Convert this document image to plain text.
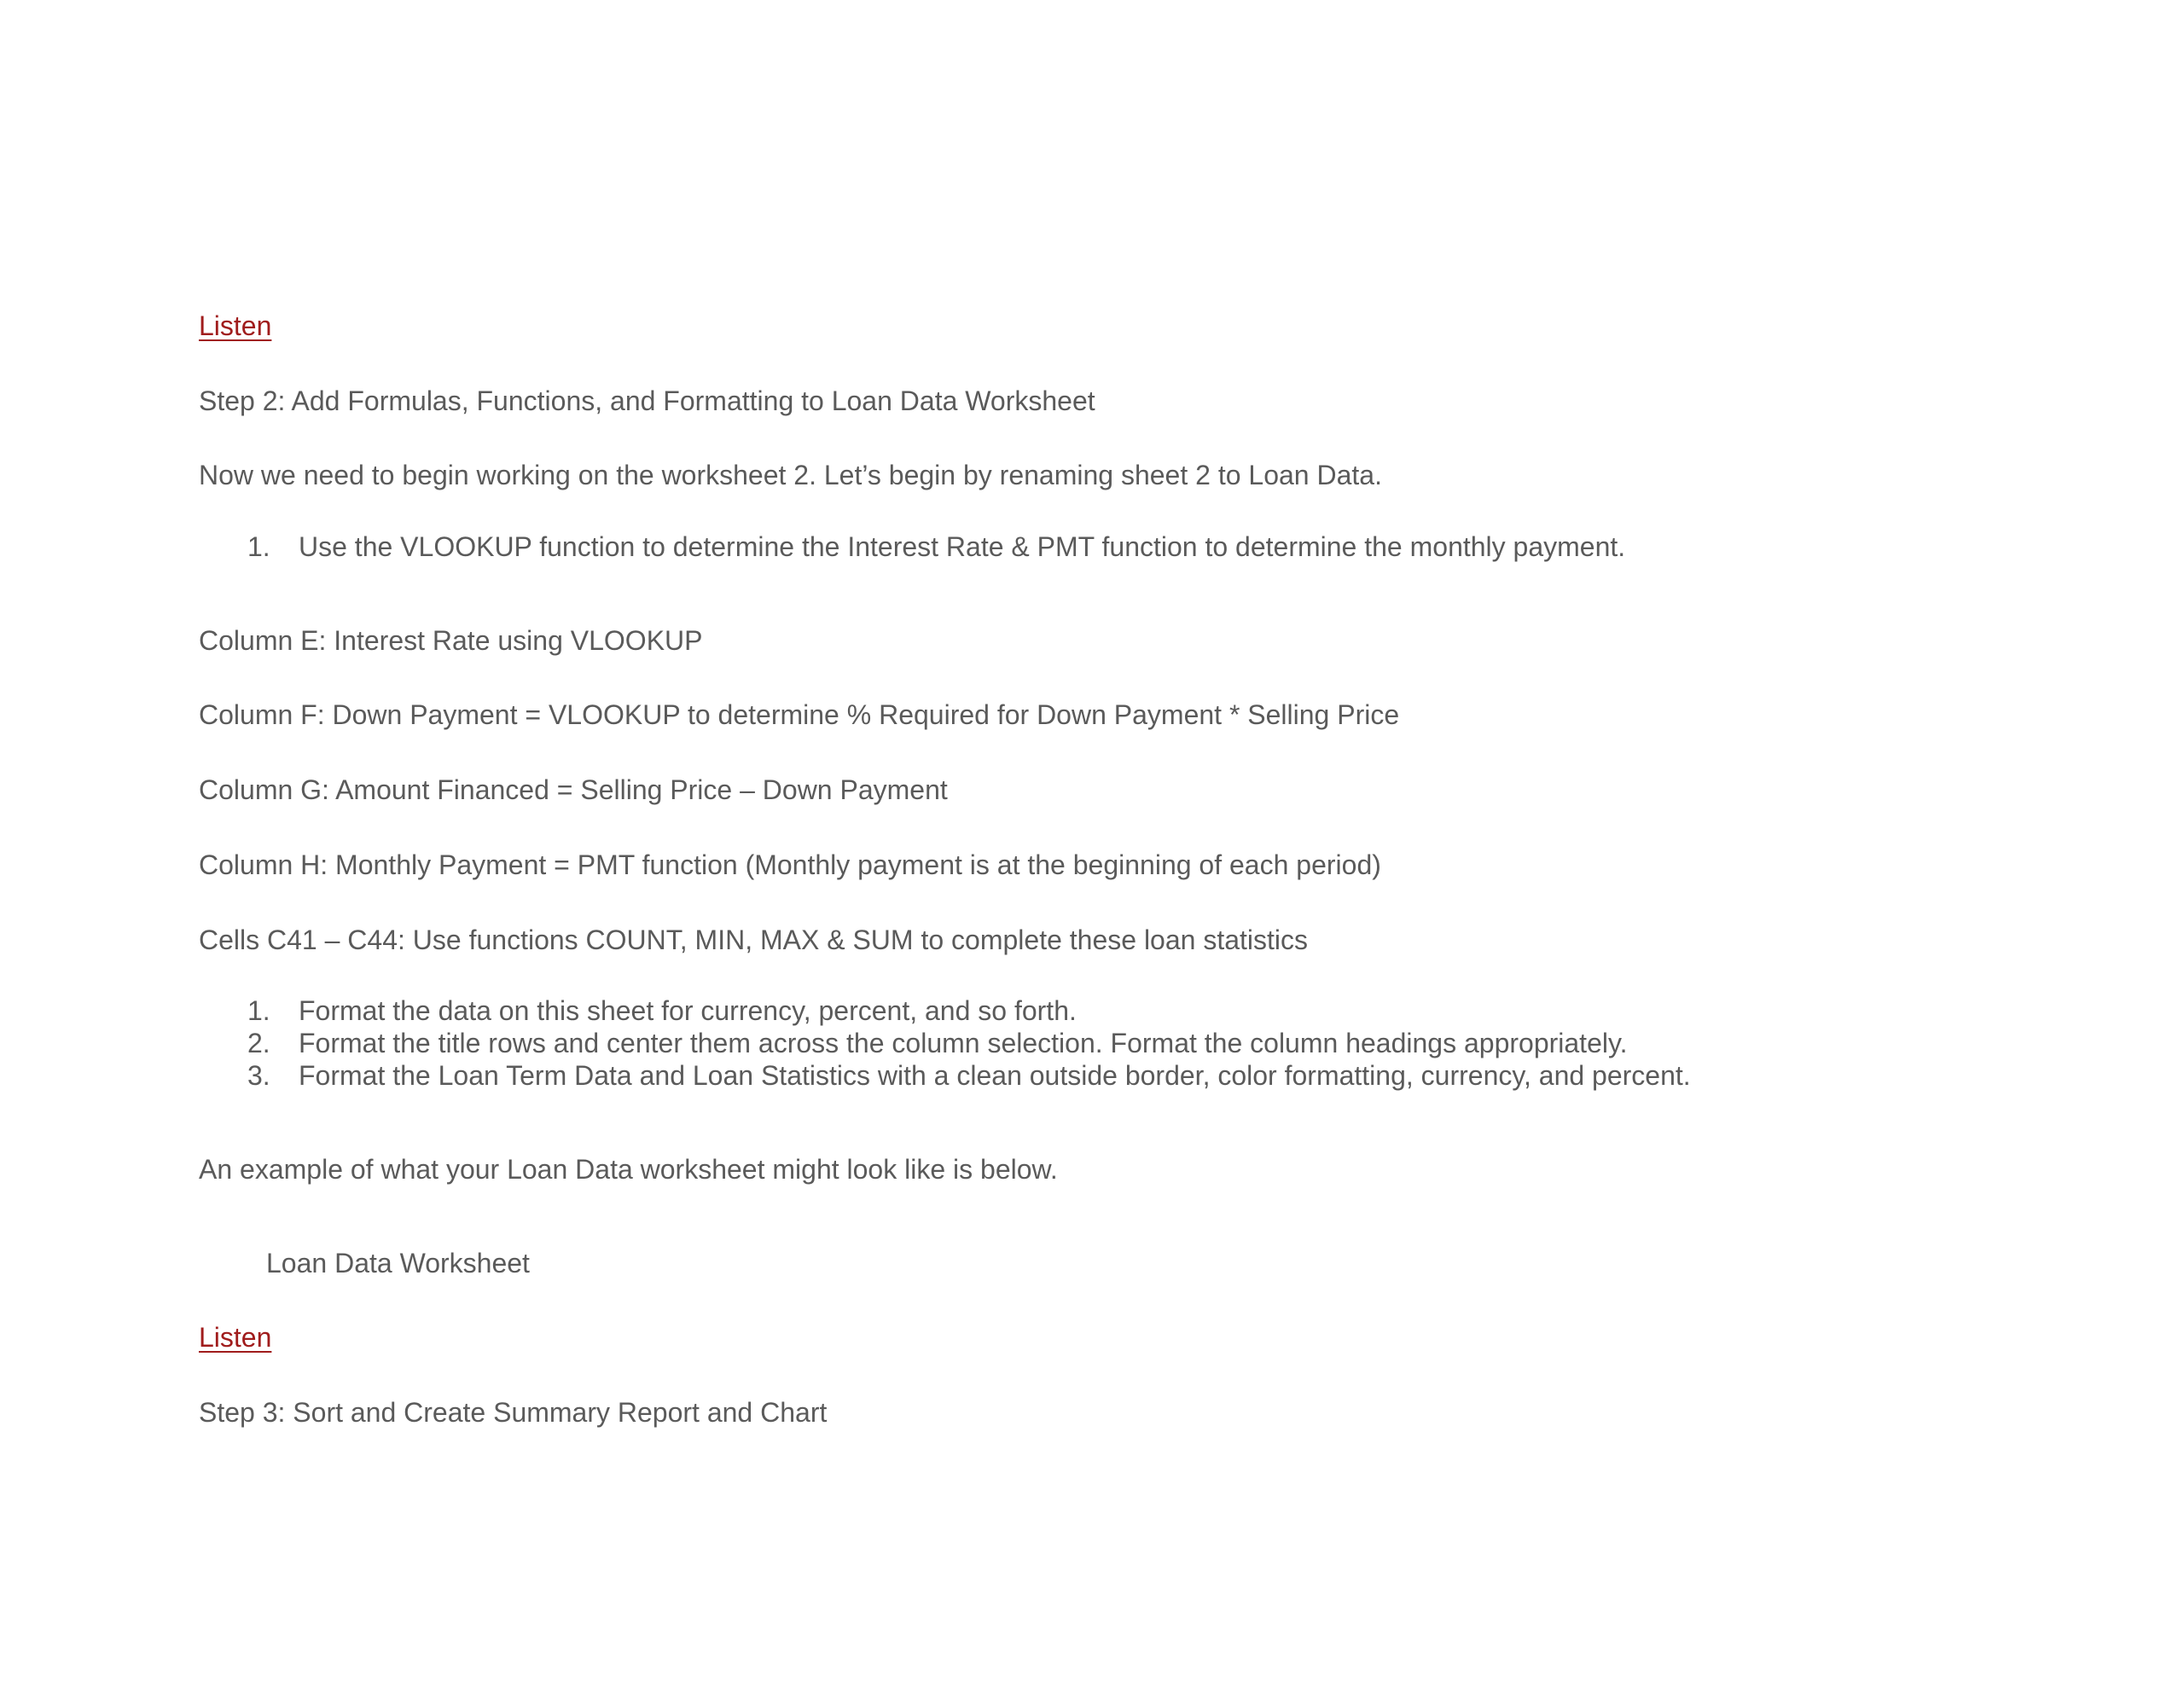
Listen
Step 2: Add Formulas, Functions, and Formatting to Loan Data Worksheet
Now we need to begin working on the worksheet 2. Let’s begin by renaming sheet 2 to Loan Data.
1. Use the VLOOKUP function to determine the Interest Rate & PMT function to determine the monthly payment.
Column E: Interest Rate using VLOOKUP
Column F: Down Payment = VLOOKUP to determine % Required for Down Payment * Selling Price
Column G: Amount Financed = Selling Price – Down Payment
Column H: Monthly Payment = PMT function (Monthly payment is at the beginning of each period)
Cells C41 – C44: Use functions COUNT, MIN, MAX & SUM to complete these loan statistics
1. Format the data on this sheet for currency, percent, and so forth.
2. Format the title rows and center them across the column selection. Format the column headings appropriately.
3. Format the Loan Term Data and Loan Statistics with a clean outside border, color formatting, currency, and percent.
An example of what your Loan Data worksheet might look like is below.
Loan Data Worksheet
Listen
Step 3: Sort and Create Summary Report and Chart
